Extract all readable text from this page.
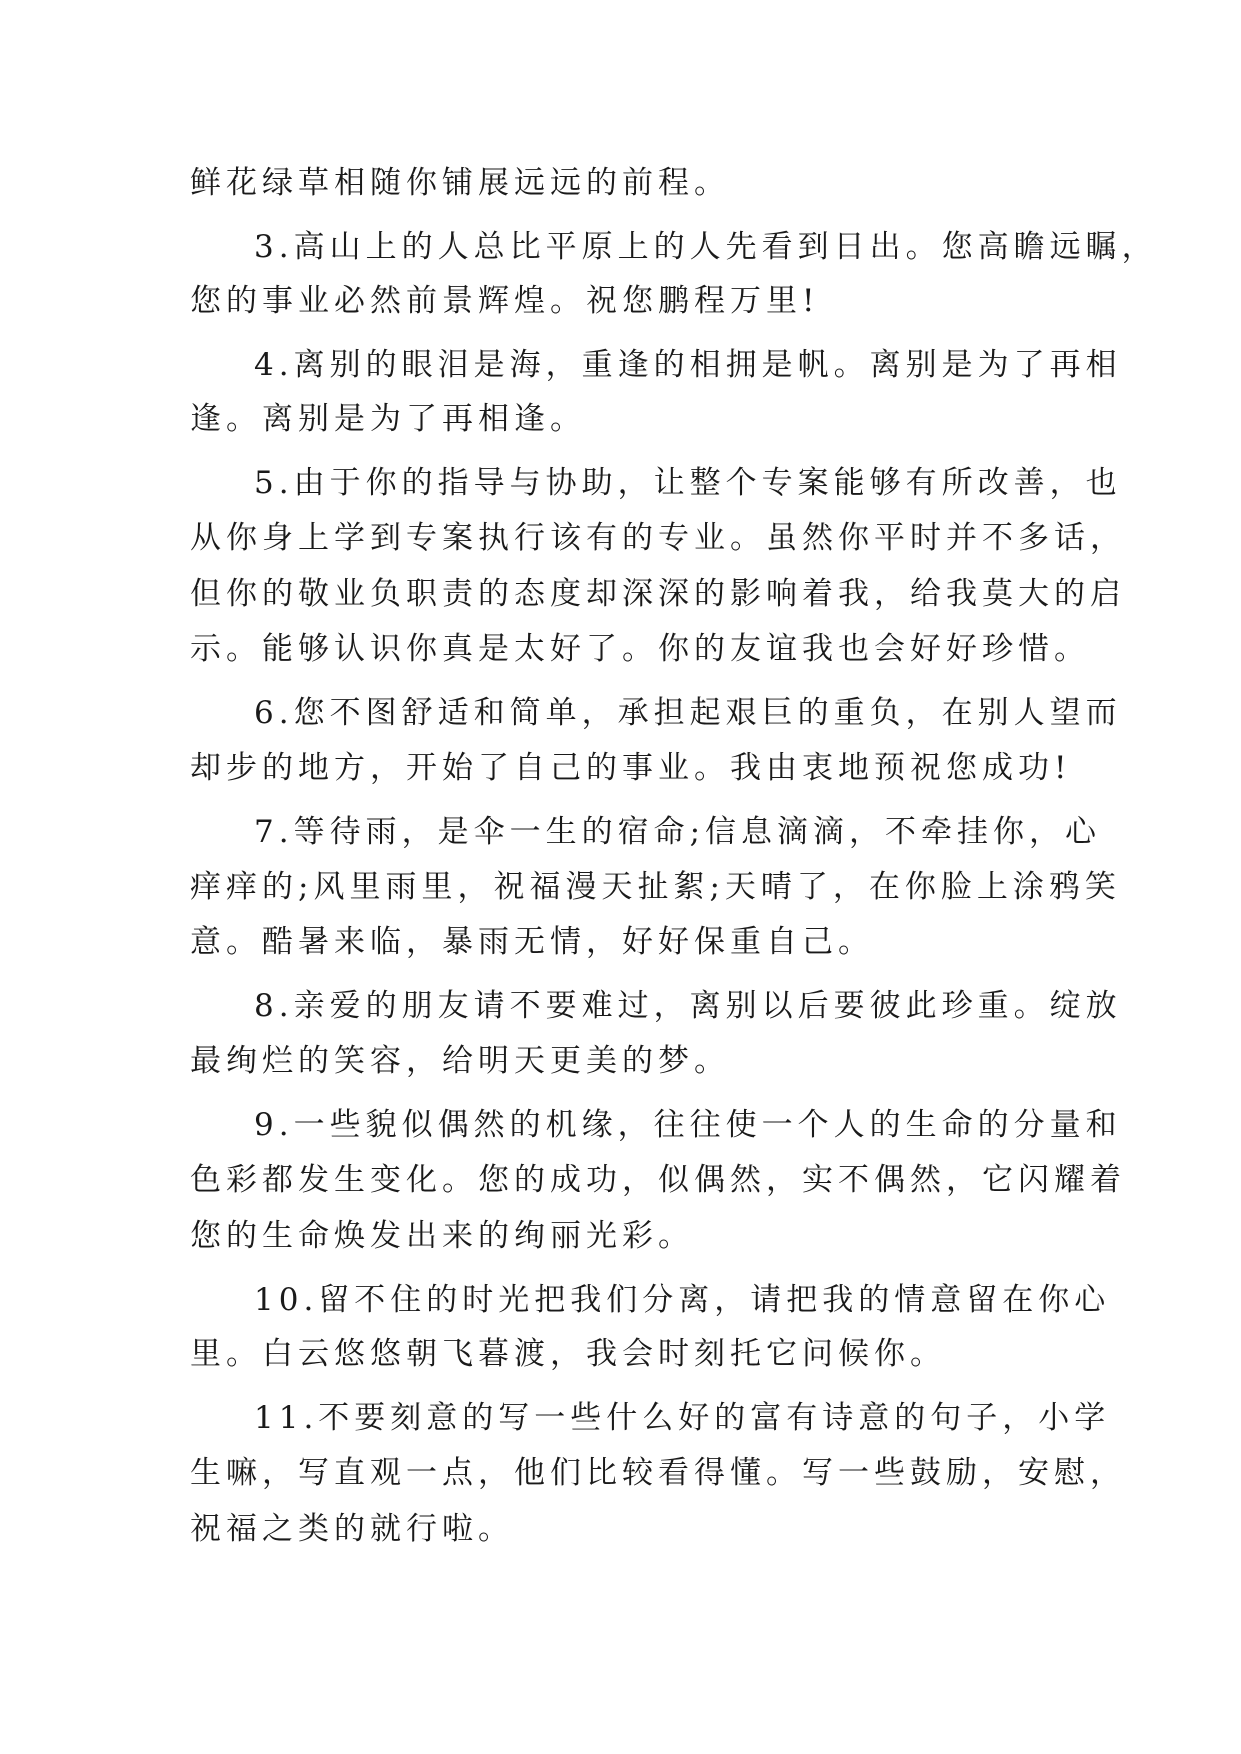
鲜花绿草相随你铺展远远的前程。
3.高山上的人总比平原上的人先看到日出。您高瞻远瞩，
您的事业必然前景辉煌。祝您鹏程万里!
4.离别的眼泪是海，重逢的相拥是帆。离别是为了再相
逢。离别是为了再相逢。
5.由于你的指导与协助，让整个专案能够有所改善，也
从你身上学到专案执行该有的专业。虽然你平时并不多话，
但你的敬业负职责的态度却深深的影响着我，给我莫大的启
示。能够认识你真是太好了。你的友谊我也会好好珍惜。
6.您不图舒适和简单，承担起艰巨的重负，在别人望而
却步的地方，开始了自己的事业。我由衷地预祝您成功!
7.等待雨，是伞一生的宿命;信息滴滴，不牵挂你，心
痒痒的;风里雨里，祝福漫天扯絮;天晴了，在你脸上涂鸦笑
意。酷暑来临，暴雨无情，好好保重自己。
8.亲爱的朋友请不要难过，离别以后要彼此珍重。绽放
最绚烂的笑容，给明天更美的梦。
9.一些貌似偶然的机缘，往往使一个人的生命的分量和
色彩都发生变化。您的成功，似偶然，实不偶然，它闪耀着
您的生命焕发出来的绚丽光彩。
10.留不住的时光把我们分离，请把我的情意留在你心
里。白云悠悠朝飞暮渡，我会时刻托它问候你。
11.不要刻意的写一些什么好的富有诗意的句子，小学
生嘛，写直观一点，他们比较看得懂。写一些鼓励，安慰，
祝福之类的就行啦。
